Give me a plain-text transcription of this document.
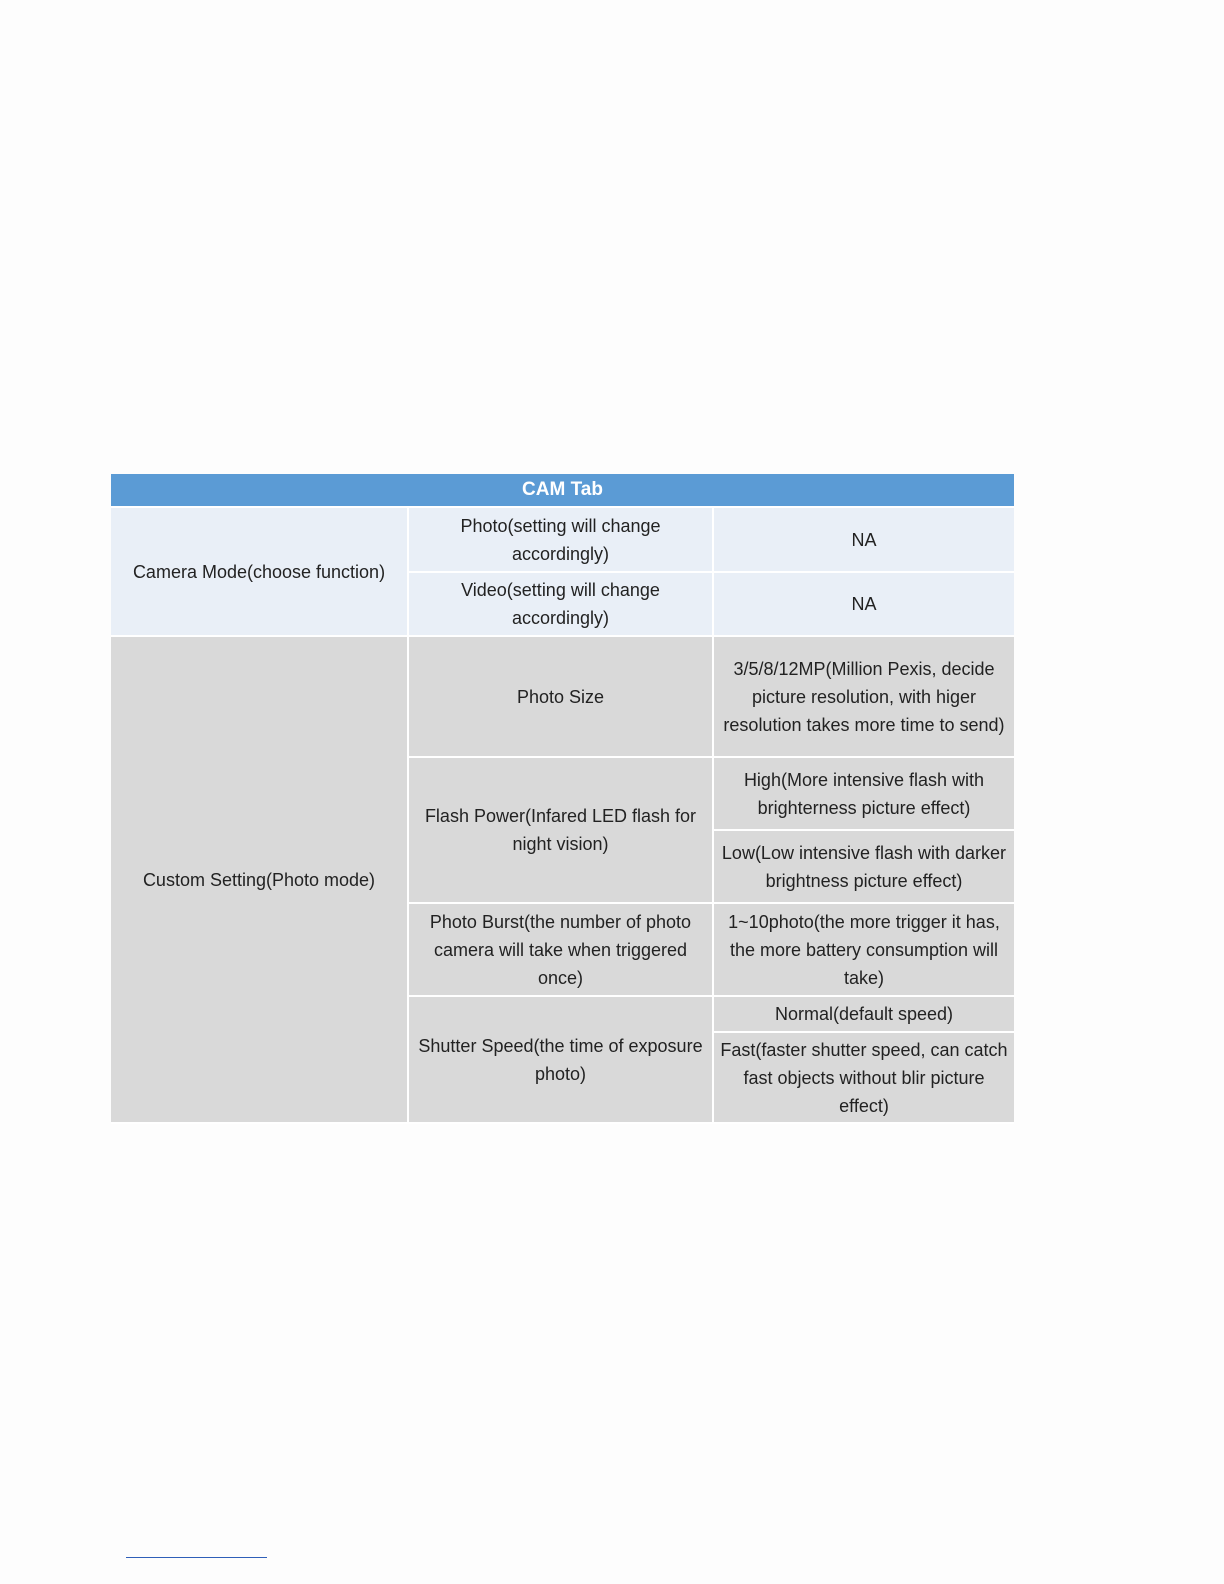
CAM Tab		
Camera Mode(choose function)	Photo(setting will change accordingly)	NA
	Video(setting will change accordingly)	NA
Custom Setting(Photo mode)	Photo Size	3/5/8/12MP(Million Pexis, decide picture resolution, with higer resolution takes more time to send)
	Flash Power(Infared LED flash for night vision)	High(More intensive flash with brighterness picture effect)
		Low(Low intensive flash with darker brightness picture effect)
	Photo Burst(the number of photo camera will take when triggered once)	1~10photo(the more trigger it has, the more battery consumption will take)
	Shutter Speed(the time of exposure photo)	Normal(default speed)
		Fast(faster shutter speed, can catch fast objects without blir picture effect)
